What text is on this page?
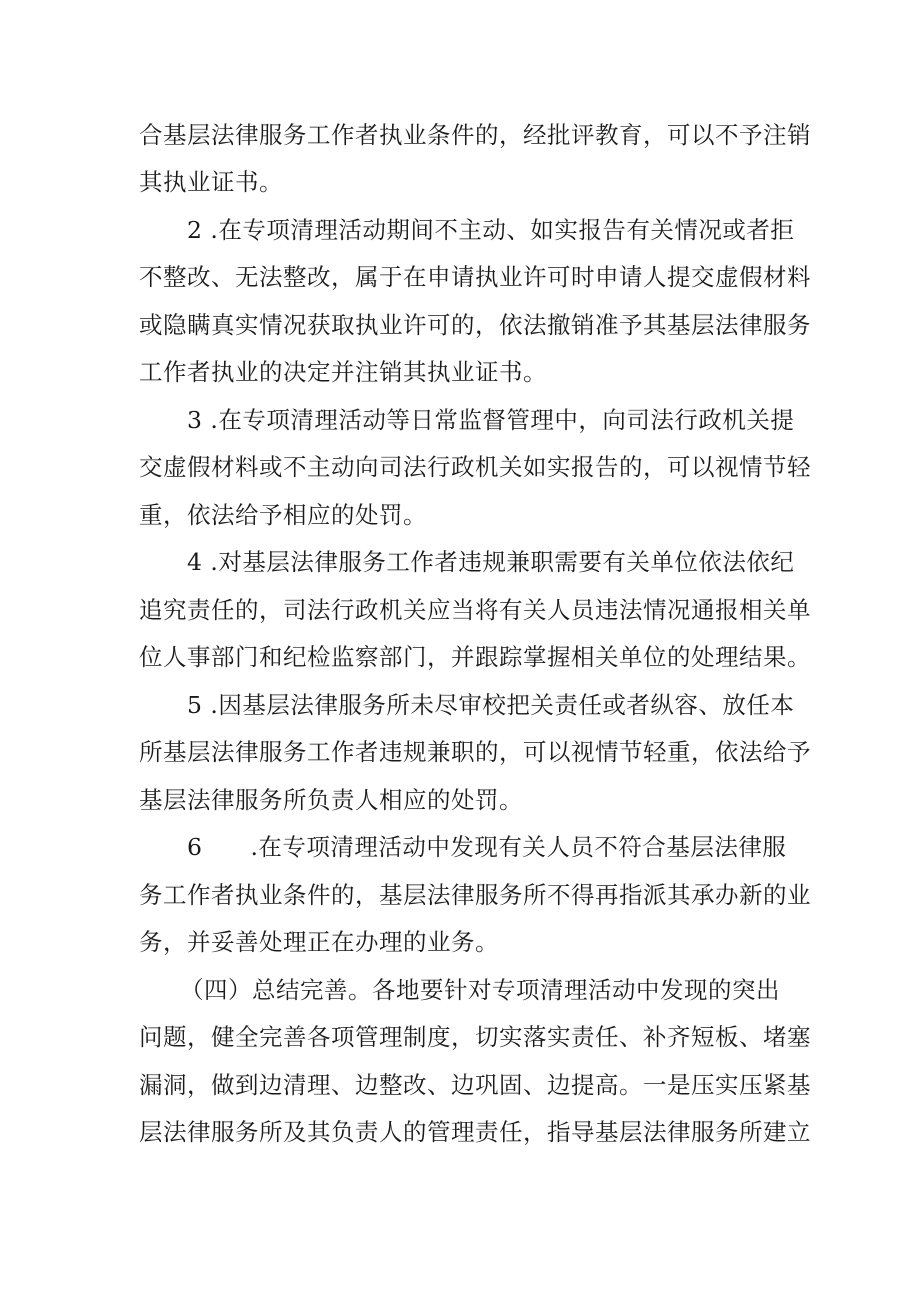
合基层法律服务工作者执业条件的，经批评教育，可以不予注销

其执业证书。

2 .在专项清理活动期间不主动、如实报告有关情况或者拒

不整改、无法整改，属于在申请执业许可时申请人提交虚假材料

或隐瞒真实情况获取执业许可的，依法撤销准予其基层法律服务

工作者执业的决定并注销其执业证书。

3 .在专项清理活动等日常监督管理中，向司法行政机关提

交虚假材料或不主动向司法行政机关如实报告的，可以视情节轻

重，依法给予相应的处罚。

4 .对基层法律服务工作者违规兼职需要有关单位依法依纪

追究责任的，司法行政机关应当将有关人员违法情况通报相关单

位人事部门和纪检监察部门，并跟踪掌握相关单位的处理结果。

5 .因基层法律服务所未尽审校把关责任或者纵容、放任本

所基层法律服务工作者违规兼职的，可以视情节轻重，依法给予

基层法律服务所负责人相应的处罚。

6　　.在专项清理活动中发现有关人员不符合基层法律服

务工作者执业条件的，基层法律服务所不得再指派其承办新的业

务，并妥善处理正在办理的业务。

（四）总结完善。各地要针对专项清理活动中发现的突出

问题，健全完善各项管理制度，切实落实责任、补齐短板、堵塞

漏洞，做到边清理、边整改、边巩固、边提高。一是压实压紧基

层法律服务所及其负责人的管理责任，指导基层法律服务所建立
